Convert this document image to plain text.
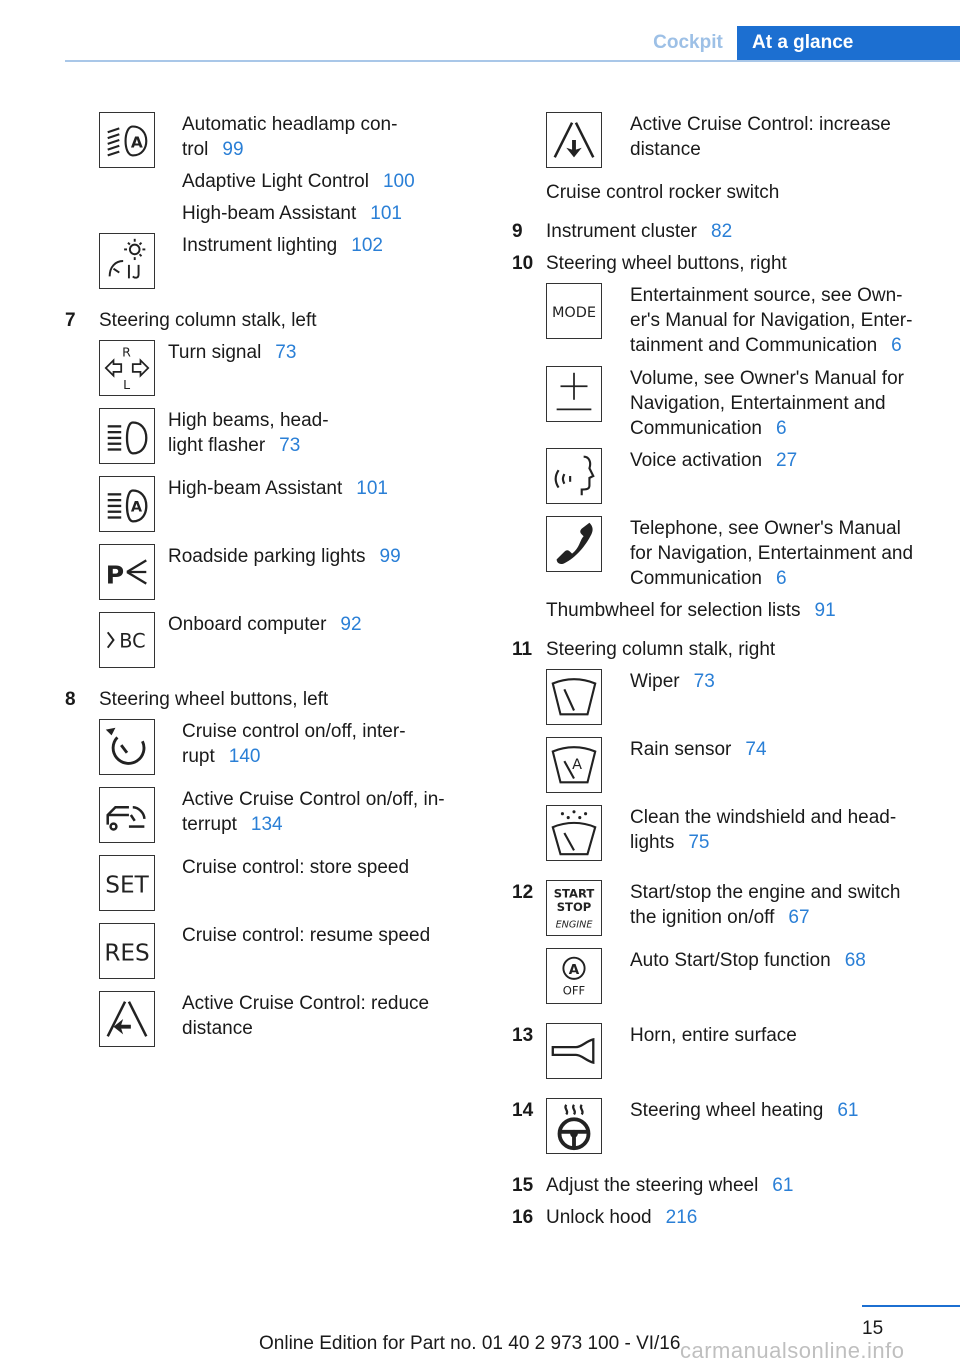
Cockpit	At a glance
A
Automatic headlamp con-
trol 99
Adaptive Light Control 100
High-beam Assistant 101
Instrument lighting 102
7 Steering column stalk, left
R
L
Turn signal 73
High beams, head-
light flasher 73
A
High-beam Assistant 101
P
Roadside parking lights 99
BC
Onboard computer 92
8 Steering wheel buttons, left
Cruise control on/off, inter-
rupt 140
Active Cruise Control on/off, in-
terrupt 134
SET
Cruise control: store speed
RES
Cruise control: resume speed
Active Cruise Control: reduce
distance
Active Cruise Control: increase
distance
Cruise control rocker switch
9 Instrument cluster 82
10 Steering wheel buttons, right
MODE
Entertainment source, see Own-
er's Manual for Navigation, Enter-
tainment and Communication 6
Volume, see Owner's Manual for
Navigation, Entertainment and
Communication 6
Voice activation 27
Telephone, see Owner's Manual
for Navigation, Entertainment and
Communication 6
Thumbwheel for selection lists 91
11 Steering column stalk, right
Wiper 73
A
Rain sensor 74
Clean the windshield and head-
lights 75
12 START
STOP
ENGINE
Start/stop the engine and switch
the ignition on/off 67
A
OFF
Auto Start/Stop function 68
13	Horn, entire surface
14	Steering wheel heating 61
15 Adjust the steering wheel 61
16 Unlock hood 216
15
Online Edition for Part no. 01 40 2 973 100 - VI/16 carmanualsonline.info
